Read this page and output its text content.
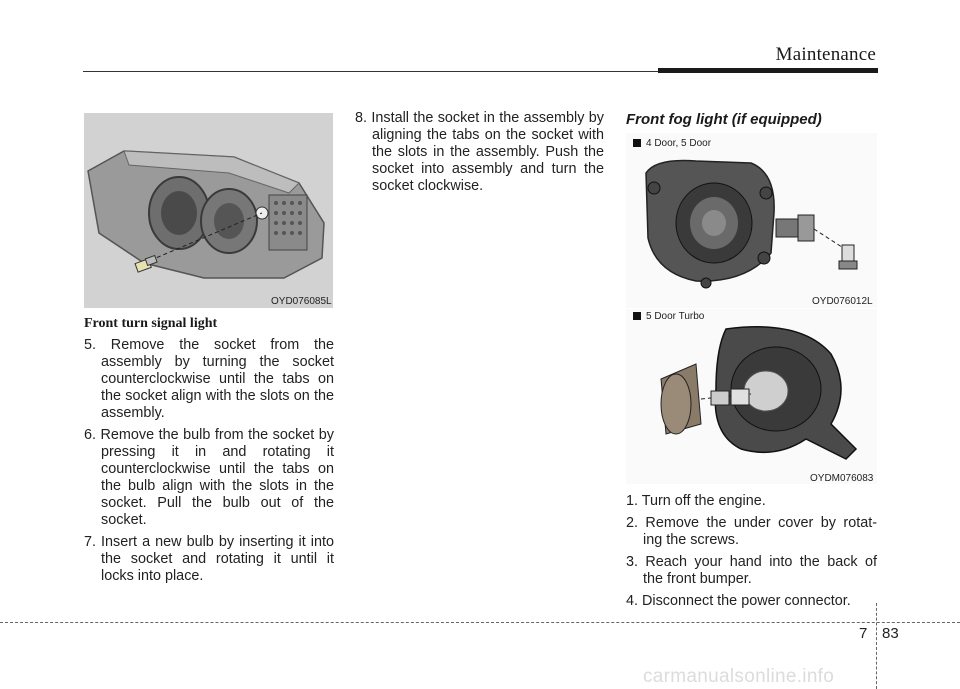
Maintenance
OYD076085L
Front turn signal light
5. Remove the socket from the assembly by turning the socket counterclockwise until the tabs on the socket align with the slots on the assembly.
6. Remove the bulb from the socket by pressing it in and rotating it counterclockwise until the tabs on the bulb align with the slots in the socket. Pull the bulb out of the socket.
7. Insert a new bulb by inserting it into the socket and rotating it until it locks into place.
8. Install the socket in the assembly by aligning the tabs on the socket with the slots in the assembly. Push the socket into assembly and turn the socket clockwise.
Front fog light (if equipped)
4 Door, 5 Door
OYD076012L
5 Door Turbo
OYDM076083
1. Turn off the engine.
2. Remove the under cover by rotat- ing the screws.
3. Reach your hand into the back of the front bumper.
4. Disconnect the power connector.
7 83
carmanualsonline.info
